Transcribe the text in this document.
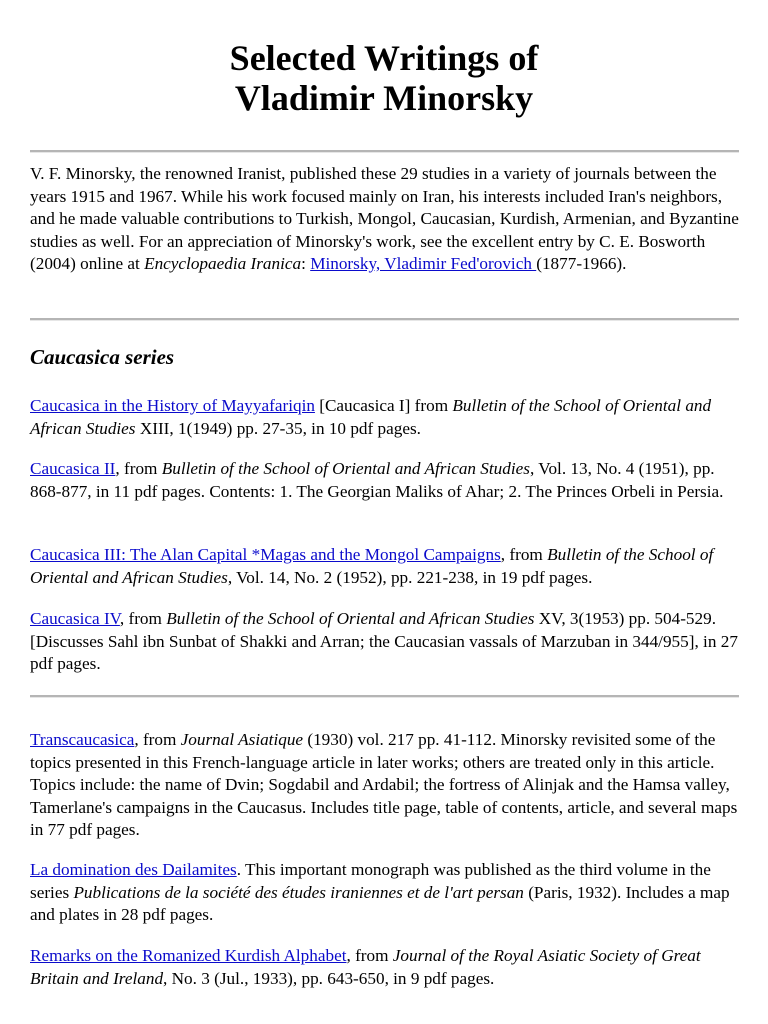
Selected Writings of
Vladimir Minorsky

V. F. Minorsky, the renowned Iranist, published these 29 studies in a variety of journals between the years 1915 and 1967. While his work focused mainly on Iran, his interests included Iran's neighbors, and he made valuable contributions to Turkish, Mongol, Caucasian, Kurdish, Armenian, and Byzantine studies as well. For an appreciation of Minorsky's work, see the excellent entry by C. E. Bosworth (2004) online at Encyclopaedia Iranica: Minorsky, Vladimir Fed'orovich (1877-1966).

Caucasica series

Caucasica in the History of Mayyafariqin [Caucasica I] from Bulletin of the School of Oriental and African Studies XIII, 1(1949) pp. 27-35, in 10 pdf pages.

Caucasica II, from Bulletin of the School of Oriental and African Studies, Vol. 13, No. 4 (1951), pp. 868-877, in 11 pdf pages. Contents: 1. The Georgian Maliks of Ahar; 2. The Princes Orbeli in Persia.

Caucasica III: The Alan Capital *Magas and the Mongol Campaigns, from Bulletin of the School of Oriental and African Studies, Vol. 14, No. 2 (1952), pp. 221-238, in 19 pdf pages.

Caucasica IV, from Bulletin of the School of Oriental and African Studies XV, 3(1953) pp. 504-529. [Discusses Sahl ibn Sunbat of Shakki and Arran; the Caucasian vassals of Marzuban in 344/955], in 27 pdf pages.

Transcaucasica, from Journal Asiatique (1930) vol. 217 pp. 41-112. Minorsky revisited some of the topics presented in this French-language article in later works; others are treated only in this article. Topics include: the name of Dvin; Sogdabil and Ardabil; the fortress of Alinjak and the Hamsa valley, Tamerlane's campaigns in the Caucasus. Includes title page, table of contents, article, and several maps in 77 pdf pages.

La domination des Dailamites. This important monograph was published as the third volume in the series Publications de la société des études iraniennes et de l'art persan (Paris, 1932). Includes a map and plates in 28 pdf pages.

Remarks on the Romanized Kurdish Alphabet, from Journal of the Royal Asiatic Society of Great Britain and Ireland, No. 3 (Jul., 1933), pp. 643-650, in 9 pdf pages.
